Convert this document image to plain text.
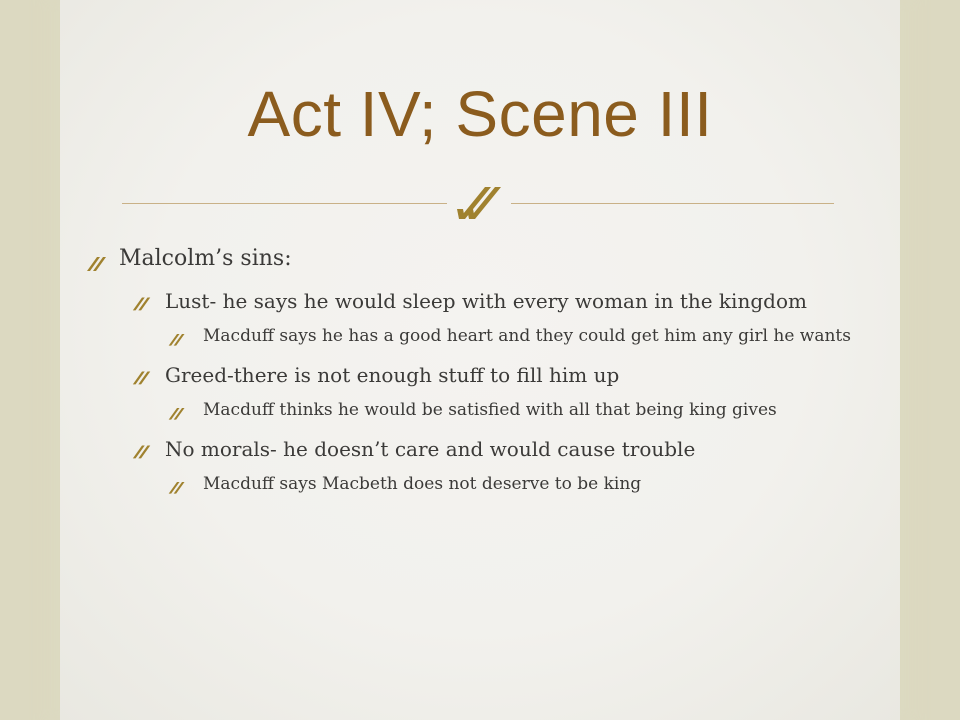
Act IV; Scene III
Malcolm’s sins:
Lust- he says he would sleep with every woman in the kingdom
Macduff says he has a good heart and they could get him any girl he wants
Greed-there is not enough stuff to fill him up
Macduff thinks he would be satisfied with all that being king gives
No morals- he doesn’t care and would cause trouble
Macduff says Macbeth does not deserve to be king
